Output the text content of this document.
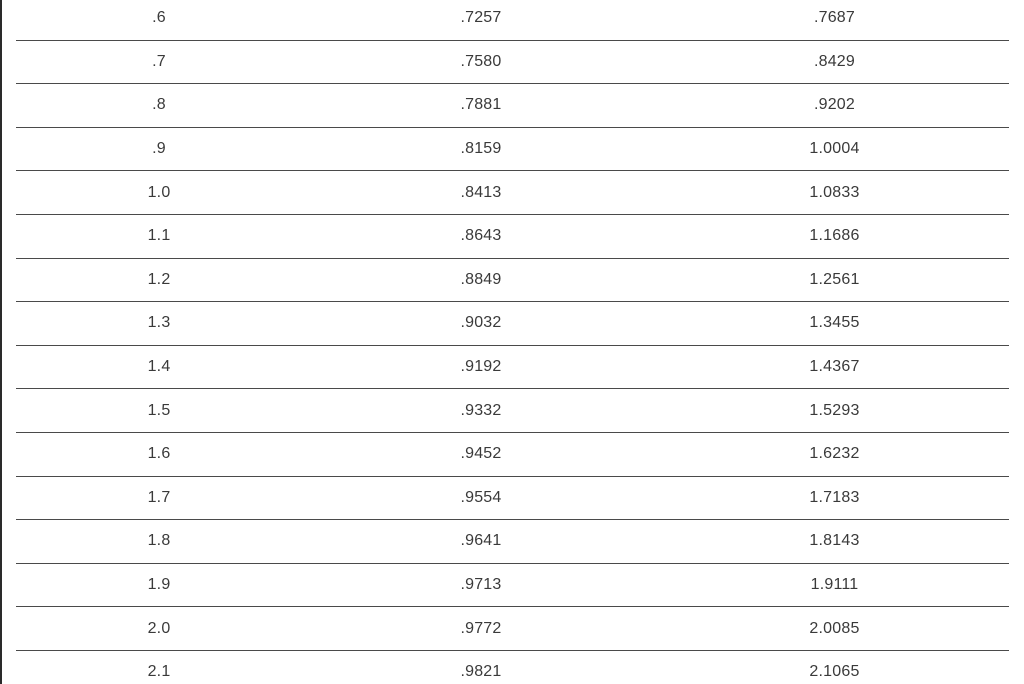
.6	.7257	.7687
.7	.7580	.8429
.8	.7881	.9202
.9	.8159	1.0004
1.0	.8413	1.0833
1.1	.8643	1.1686
1.2	.8849	1.2561
1.3	.9032	1.3455
1.4	.9192	1.4367
1.5	.9332	1.5293
1.6	.9452	1.6232
1.7	.9554	1.7183
1.8	.9641	1.8143
1.9	.9713	1.9111
2.0	.9772	2.0085
2.1	.9821	2.1065
